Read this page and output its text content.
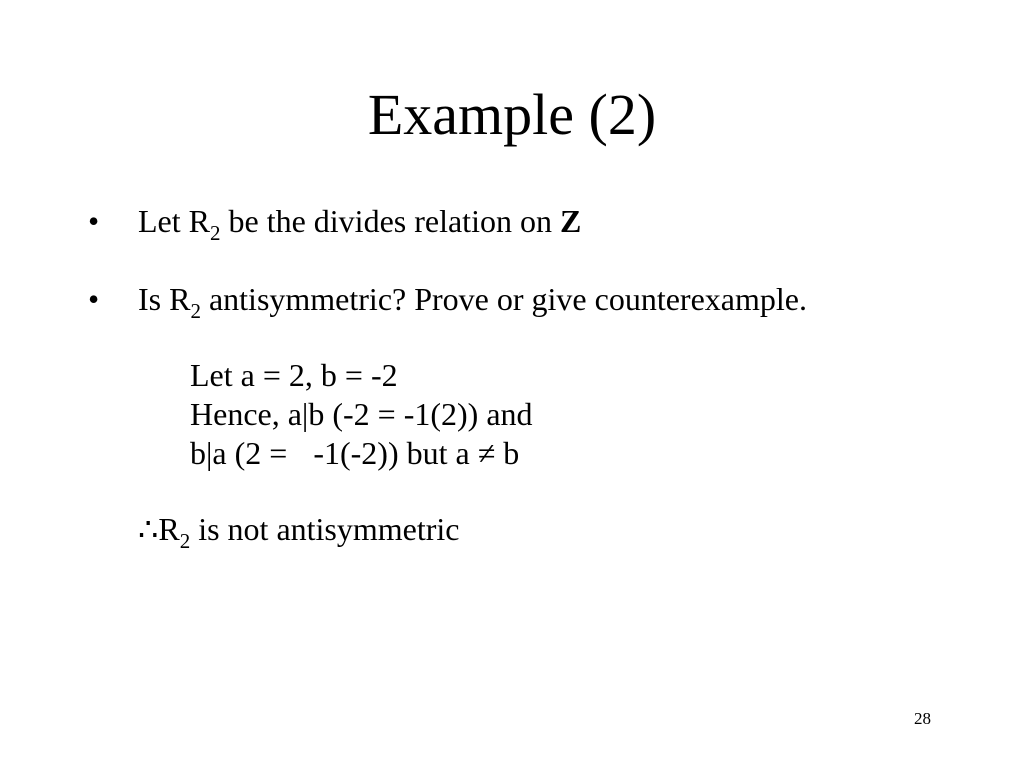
Example (2)
• Let $R_2$ be the divides relation on Z
• Is $R_2$ antisymmetric? Prove or give counterexample.
Let a = 2, b = -2
Hence, a|b (-2 = -1(2)) and
b|a (2 = -1(-2)) but a ≠ b
$\therefore R_2$ is not antisymmetric
28
